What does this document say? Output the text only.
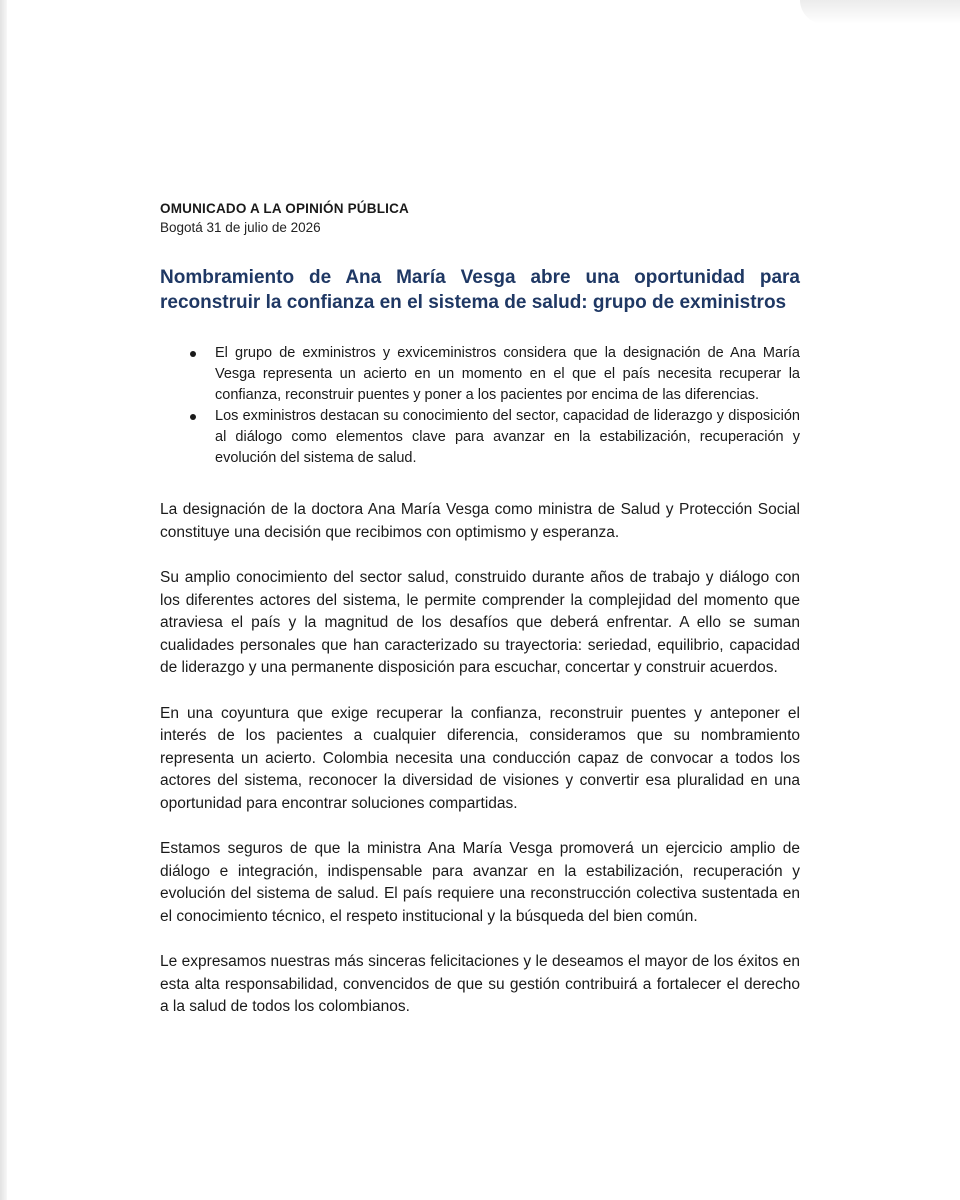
OMUNICADO A LA OPINIÓN PÚBLICA

Bogotá 31 de julio de 2026

Nombramiento de Ana María Vesga abre una oportunidad para reconstruir la confianza en el sistema de salud: grupo de exministros
El grupo de exministros y exviceministros considera que la designación de Ana María Vesga representa un acierto en un momento en el que el país necesita recuperar la confianza, reconstruir puentes y poner a los pacientes por encima de las diferencias.
Los exministros destacan su conocimiento del sector, capacidad de liderazgo y disposición al diálogo como elementos clave para avanzar en la estabilización, recuperación y evolución del sistema de salud.

La designación de la doctora Ana María Vesga como ministra de Salud y Protección Social constituye una decisión que recibimos con optimismo y esperanza.

Su amplio conocimiento del sector salud, construido durante años de trabajo y diálogo con los diferentes actores del sistema, le permite comprender la complejidad del momento que atraviesa el país y la magnitud de los desafíos que deberá enfrentar. A ello se suman cualidades personales que han caracterizado su trayectoria: seriedad, equilibrio, capacidad de liderazgo y una permanente disposición para escuchar, concertar y construir acuerdos.

En una coyuntura que exige recuperar la confianza, reconstruir puentes y anteponer el interés de los pacientes a cualquier diferencia, consideramos que su nombramiento representa un acierto. Colombia necesita una conducción capaz de convocar a todos los actores del sistema, reconocer la diversidad de visiones y convertir esa pluralidad en una oportunidad para encontrar soluciones compartidas.

Estamos seguros de que la ministra Ana María Vesga promoverá un ejercicio amplio de diálogo e integración, indispensable para avanzar en la estabilización, recuperación y evolución del sistema de salud. El país requiere una reconstrucción colectiva sustentada en el conocimiento técnico, el respeto institucional y la búsqueda del bien común.

Le expresamos nuestras más sinceras felicitaciones y le deseamos el mayor de los éxitos en esta alta responsabilidad, convencidos de que su gestión contribuirá a fortalecer el derecho a la salud de todos los colombianos.
